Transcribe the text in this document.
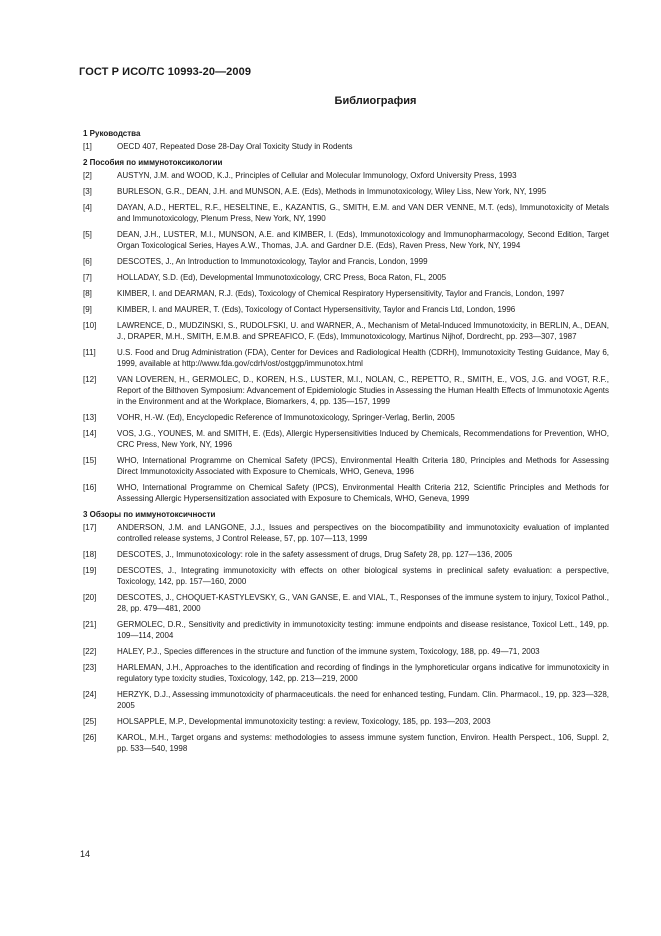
ГОСТ Р ИСО/ТС 10993-20—2009
Библиография
1 Руководства
[1]	OECD 407, Repeated Dose 28-Day Oral Toxicity Study in Rodents
2 Пособия по иммунотоксикологии
[2]	AUSTYN, J.M. and WOOD, K.J., Principles of Cellular and Molecular Immunology, Oxford University Press, 1993
[3]	BURLESON, G.R., DEAN, J.H. and MUNSON, A.E. (Eds), Methods in Immunotoxicology, Wiley Liss, New York, NY, 1995
[4]	DAYAN, A.D., HERTEL, R.F., HESELTINE, E., KAZANTIS, G., SMITH, E.M. and VAN DER VENNE, M.T. (eds), Immunotoxicity of Metals and Immunotoxicology, Plenum Press, New York, NY, 1990
[5]	DEAN, J.H., LUSTER, M.I., MUNSON, A.E. and KIMBER, I. (Eds), Immunotoxicology and Immunopharmacology, Second Edition, Target Organ Toxicological Series, Hayes A.W., Thomas, J.A. and Gardner D.E. (Eds), Raven Press, New York, NY, 1994
[6]	DESCOTES, J., An Introduction to Immunotoxicology, Taylor and Francis, London, 1999
[7]	HOLLADAY, S.D. (Ed), Developmental Immunotoxicology, CRC Press, Boca Raton, FL, 2005
[8]	KIMBER, I. and DEARMAN, R.J. (Eds), Toxicology of Chemical Respiratory Hypersensitivity, Taylor and Francis, London, 1997
[9]	KIMBER, I. and MAURER, T. (Eds), Toxicology of Contact Hypersensitivity, Taylor and Francis Ltd, London, 1996
[10]	LAWRENCE, D., MUDZINSKI, S., RUDOLFSKI, U. and WARNER, A., Mechanism of Metal-Induced Immunotoxicity, in BERLIN, A., DEAN, J., DRAPER, M.H., SMITH, E.M.B. and SPREAFICO, F. (Eds), Immunotoxicology, Martinus Nijhof, Dordrecht, pp. 293—307, 1987
[11]	U.S. Food and Drug Administration (FDA), Center for Devices and Radiological Health (CDRH), Immunotoxicity Testing Guidance, May 6, 1999, available at http://www.fda.gov/cdrh/ost/ostggp/immunotox.html
[12]	VAN LOVEREN, H., GERMOLEC, D., KOREN, H.S., LUSTER, M.I., NOLAN, C., REPETTO, R., SMITH, E., VOS, J.G. and VOGT, R.F., Report of the Bilthoven Symposium: Advancement of Epidemiologic Studies in Assessing the Human Health Effects of Immunotoxic Agents in the Environment and at the Workplace, Biomarkers, 4, pp. 135—157, 1999
[13]	VOHR, H.-W. (Ed), Encyclopedic Reference of Immunotoxicology, Springer-Verlag, Berlin, 2005
[14]	VOS, J.G., YOUNES, M. and SMITH, E. (Eds), Allergic Hypersensitivities Induced by Chemicals, Recommendations for Prevention, WHO, CRC Press, New York, NY, 1996
[15]	WHO, International Programme on Chemical Safety (IPCS), Environmental Health Criteria 180, Principles and Methods for Assessing Direct Immunotoxicity Associated with Exposure to Chemicals, WHO, Geneva, 1996
[16]	WHO, International Programme on Chemical Safety (IPCS), Environmental Health Criteria 212, Scientific Principles and Methods for Assessing Allergic Hypersensitization associated with Exposure to Chemicals, WHO, Geneva, 1999
3 Обзоры по иммунотоксичности
[17]	ANDERSON, J.M. and LANGONE, J.J., Issues and perspectives on the biocompatibility and immunotoxicity evaluation of implanted controlled release systems, J Control Release, 57, pp. 107—113, 1999
[18]	DESCOTES, J., Immunotoxicology: role in the safety assessment of drugs, Drug Safety 28, pp. 127—136, 2005
[19]	DESCOTES, J., Integrating immunotoxicity with effects on other biological systems in preclinical safety evaluation: a perspective, Toxicology, 142, pp. 157—160, 2000
[20]	DESCOTES, J., CHOQUET-KASTYLEVSKY, G., VAN GANSE, E. and VIAL, T., Responses of the immune system to injury, Toxicol Pathol., 28, pp. 479—481, 2000
[21]	GERMOLEC, D.R., Sensitivity and predictivity in immunotoxicity testing: immune endpoints and disease resistance, Toxicol Lett., 149, pp. 109—114, 2004
[22]	HALEY, P.J., Species differences in the structure and function of the immune system, Toxicology, 188, pp. 49—71, 2003
[23]	HARLEMAN, J.H., Approaches to the identification and recording of findings in the lymphoreticular organs indicative for immunotoxicity in regulatory type toxicity studies, Toxicology, 142, pp. 213—219, 2000
[24]	HERZYK, D.J., Assessing immunotoxicity of pharmaceuticals. the need for enhanced testing, Fundam. Clin. Pharmacol., 19, pp. 323—328, 2005
[25]	HOLSAPPLE, M.P., Developmental immunotoxicity testing: a review, Toxicology, 185, pp. 193—203, 2003
[26]	KAROL, M.H., Target organs and systems: methodologies to assess immune system function, Environ. Health Perspect., 106, Suppl. 2, pp. 533—540, 1998
14
